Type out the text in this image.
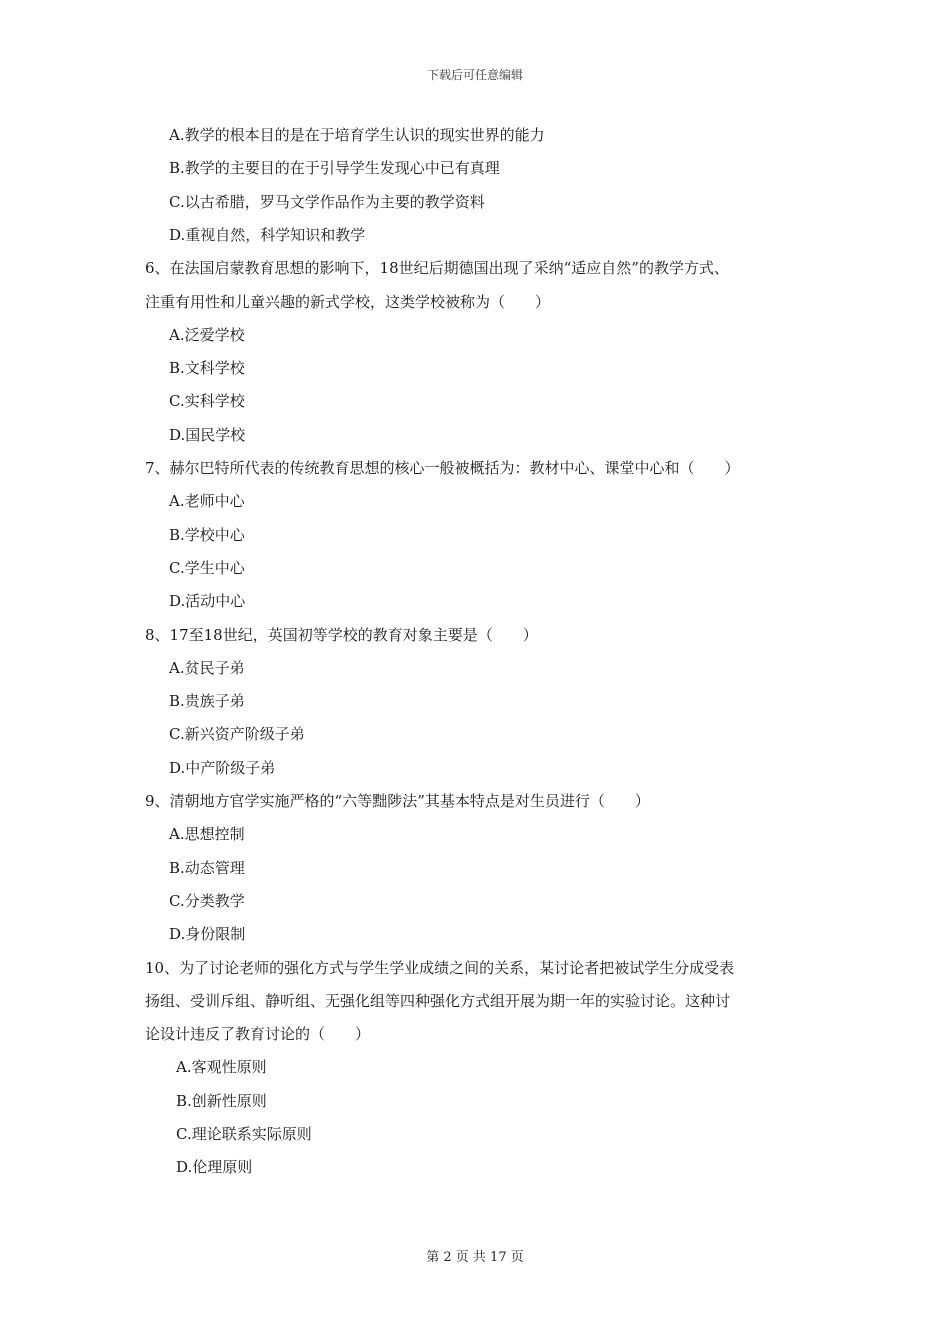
下载后可任意编辑
A.教学的根本目的是在于培育学生认识的现实世界的能力
B.教学的主要目的在于引导学生发现心中已有真理
C.以古希腊，罗马文学作品作为主要的教学资料
D.重视自然，科学知识和教学
6、在法国启蒙教育思想的影响下，18世纪后期德国出现了采纳“适应自然”的教学方式、
注重有用性和儿童兴趣的新式学校，这类学校被称为（　　）
A.泛爱学校
B.文科学校
C.实科学校
D.国民学校
7、赫尔巴特所代表的传统教育思想的核心一般被概括为：教材中心、课堂中心和（　　）
A.老师中心
B.学校中心
C.学生中心
D.活动中心
8、17至18世纪，英国初等学校的教育对象主要是（　　）
A.贫民子弟
B.贵族子弟
C.新兴资产阶级子弟
D.中产阶级子弟
9、清朝地方官学实施严格的“六等黜陟法”其基本特点是对生员进行（　　）
A.思想控制
B.动态管理
C.分类教学
D.身份限制
10、为了讨论老师的强化方式与学生学业成绩之间的关系，某讨论者把被试学生分成受表
扬组、受训斥组、静听组、无强化组等四种强化方式组开展为期一年的实验讨论。这种讨
论设计违反了教育讨论的（　　）
A.客观性原则
B.创新性原则
C.理论联系实际原则
D.伦理原则
第 2 页 共 17 页
